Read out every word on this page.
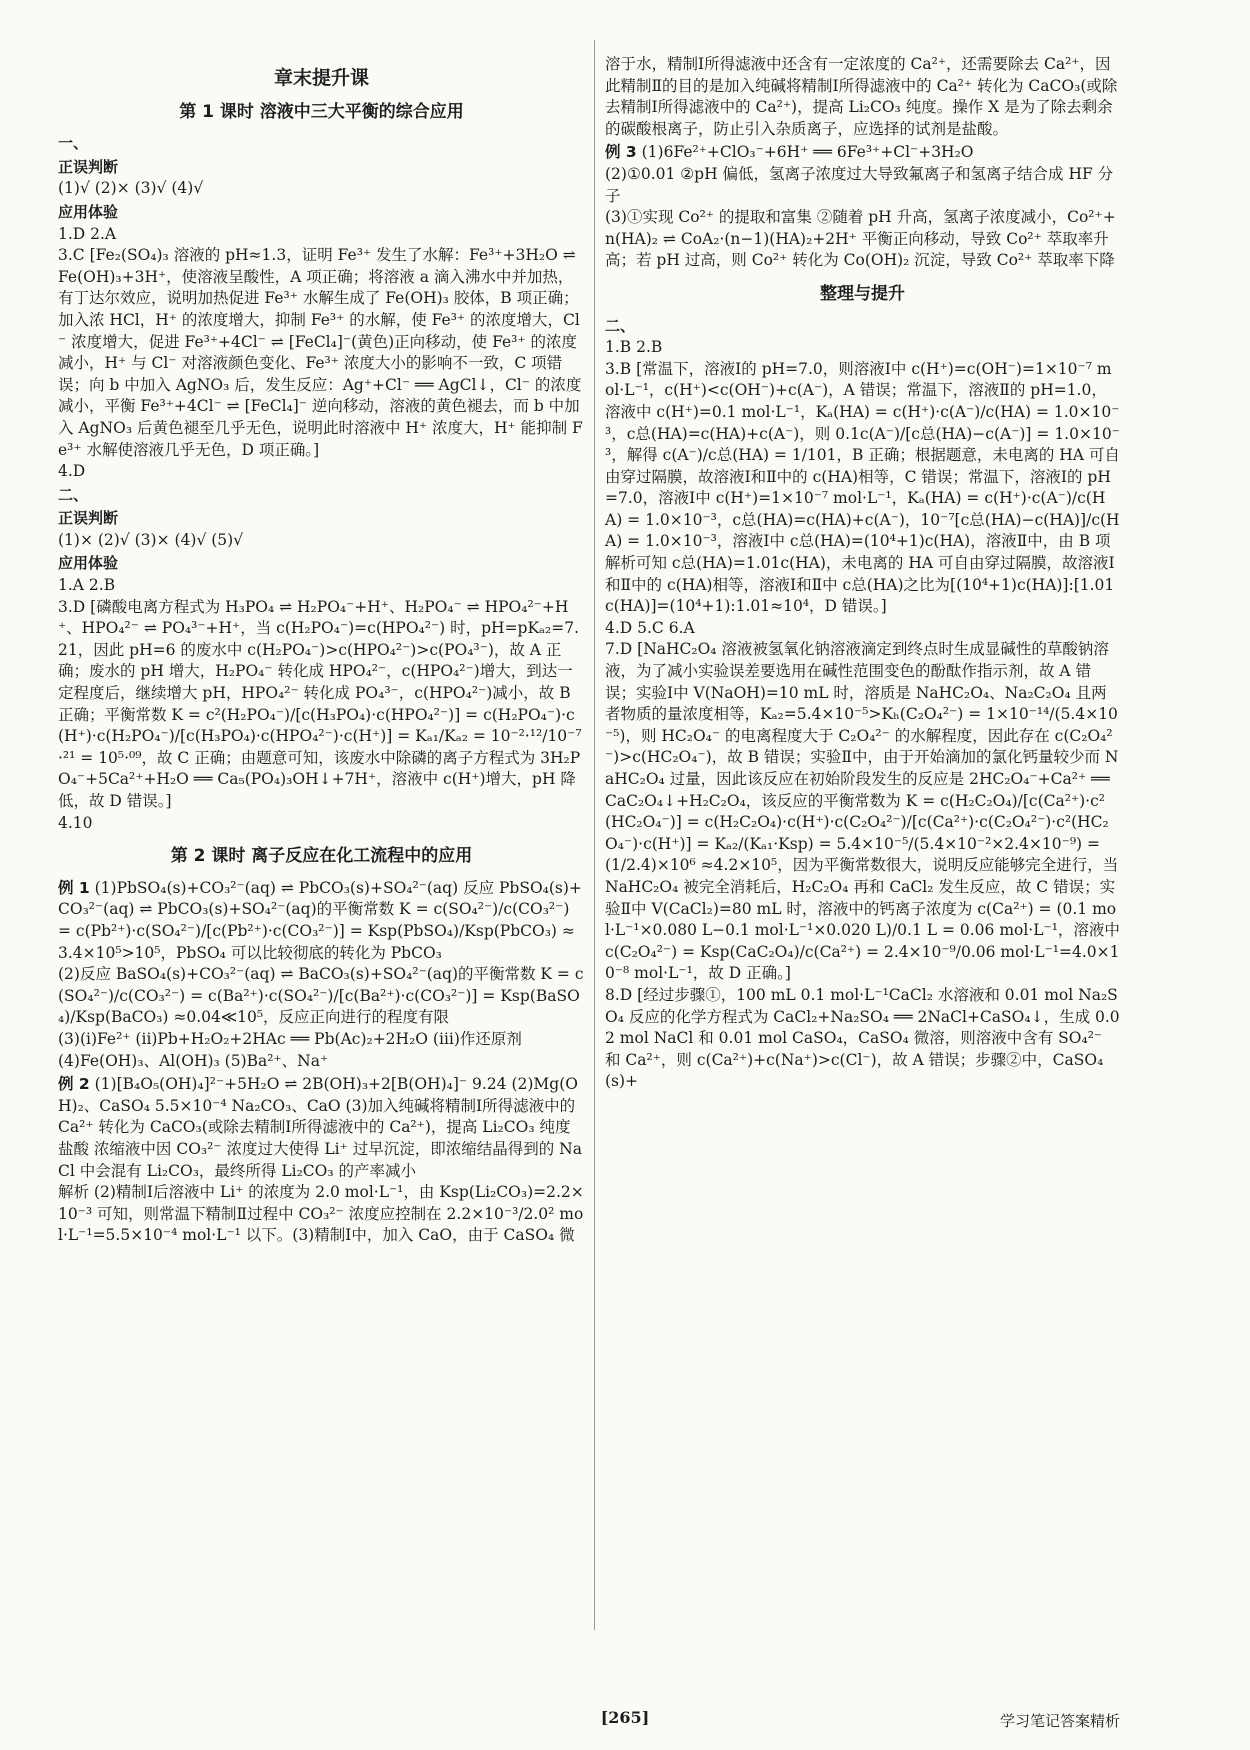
章末提升课
第 1 课时 溶液中三大平衡的综合应用
一、
正误判断
(1)√ (2)× (3)√ (4)√
应用体验
1.D 2.A
3.C [Fe₂(SO₄)₃ 溶液的 pH≈1.3，证明 Fe³⁺ 发生了水解：Fe³⁺+3H₂O ⇌ Fe(OH)₃+3H⁺，使溶液呈酸性，A 项正确；将溶液 a 滴入沸水中并加热，有丁达尔效应，说明加热促进 Fe³⁺ 水解生成了 Fe(OH)₃ 胶体，B 项正确；加入浓 HCl，H⁺ 的浓度增大，抑制 Fe³⁺ 的水解，使 Fe³⁺ 的浓度增大，Cl⁻ 浓度增大，促进 Fe³⁺+4Cl⁻ ⇌ [FeCl₄]⁻(黄色)正向移动，使 Fe³⁺ 的浓度减小，H⁺ 与 Cl⁻ 对溶液颜色变化、Fe³⁺ 浓度大小的影响不一致，C 项错误；向 b 中加入 AgNO₃ 后，发生反应：Ag⁺+Cl⁻ ══ AgCl↓，Cl⁻ 的浓度减小，平衡 Fe³⁺+4Cl⁻ ⇌ [FeCl₄]⁻ 逆向移动，溶液的黄色褪去，而 b 中加入 AgNO₃ 后黄色褪至几乎无色，说明此时溶液中 H⁺ 浓度大，H⁺ 能抑制 Fe³⁺ 水解使溶液几乎无色，D 项正确。]
4.D
二、
正误判断
(1)× (2)√ (3)× (4)√ (5)√
应用体验
1.A 2.B
3.D [磷酸电离方程式为 H₃PO₄ ⇌ H₂PO₄⁻+H⁺、H₂PO₄⁻ ⇌ HPO₄²⁻+H⁺、HPO₄²⁻ ⇌ PO₄³⁻+H⁺，当 c(H₂PO₄⁻)=c(HPO₄²⁻) 时，pH=pKₐ₂=7.21，因此 pH=6 的废水中 c(H₂PO₄⁻)>c(HPO₄²⁻)>c(PO₄³⁻)，故 A 正确；废水的 pH 增大，H₂PO₄⁻ 转化成 HPO₄²⁻，c(HPO₄²⁻)增大，到达一定程度后，继续增大 pH，HPO₄²⁻ 转化成 PO₄³⁻，c(HPO₄²⁻)减小，故 B 正确；平衡常数 K = c²(H₂PO₄⁻)/[c(H₃PO₄)·c(HPO₄²⁻)] = c(H₂PO₄⁻)·c(H⁺)·c(H₂PO₄⁻)/[c(H₃PO₄)·c(HPO₄²⁻)·c(H⁺)] = Kₐ₁/Kₐ₂ = 10⁻²·¹²/10⁻⁷·²¹ = 10⁵·⁰⁹，故 C 正确；由题意可知，该废水中除磷的离子方程式为 3H₂PO₄⁻+5Ca²⁺+H₂O ══ Ca₅(PO₄)₃OH↓+7H⁺，溶液中 c(H⁺)增大，pH 降低，故 D 错误。]
4.10
第 2 课时 离子反应在化工流程中的应用
例 1 (1)PbSO₄(s)+CO₃²⁻(aq) ⇌ PbCO₃(s)+SO₄²⁻(aq) 反应 PbSO₄(s)+CO₃²⁻(aq) ⇌ PbCO₃(s)+SO₄²⁻(aq)的平衡常数 K = c(SO₄²⁻)/c(CO₃²⁻) = c(Pb²⁺)·c(SO₄²⁻)/[c(Pb²⁺)·c(CO₃²⁻)] = Ksp(PbSO₄)/Ksp(PbCO₃) ≈3.4×10⁵>10⁵，PbSO₄ 可以比较彻底的转化为 PbCO₃
(2)反应 BaSO₄(s)+CO₃²⁻(aq) ⇌ BaCO₃(s)+SO₄²⁻(aq)的平衡常数 K = c(SO₄²⁻)/c(CO₃²⁻) = c(Ba²⁺)·c(SO₄²⁻)/[c(Ba²⁺)·c(CO₃²⁻)] = Ksp(BaSO₄)/Ksp(BaCO₃) ≈0.04≪10⁵，反应正向进行的程度有限
(3)(ⅰ)Fe²⁺ (ⅱ)Pb+H₂O₂+2HAc ══ Pb(Ac)₂+2H₂O (ⅲ)作还原剂
(4)Fe(OH)₃、Al(OH)₃ (5)Ba²⁺、Na⁺
例 2 (1)[B₄O₅(OH)₄]²⁻+5H₂O ⇌ 2B(OH)₃+2[B(OH)₄]⁻ 9.24 (2)Mg(OH)₂、CaSO₄ 5.5×10⁻⁴ Na₂CO₃、CaO (3)加入纯碱将精制Ⅰ所得滤液中的 Ca²⁺ 转化为 CaCO₃(或除去精制Ⅰ所得滤液中的 Ca²⁺)，提高 Li₂CO₃ 纯度 盐酸 浓缩液中因 CO₃²⁻ 浓度过大使得 Li⁺ 过早沉淀，即浓缩结晶得到的 NaCl 中会混有 Li₂CO₃，最终所得 Li₂CO₃ 的产率减小
解析 (2)精制Ⅰ后溶液中 Li⁺ 的浓度为 2.0 mol·L⁻¹，由 Ksp(Li₂CO₃)=2.2×10⁻³ 可知，则常温下精制Ⅱ过程中 CO₃²⁻ 浓度应控制在 2.2×10⁻³/2.0² mol·L⁻¹=5.5×10⁻⁴ mol·L⁻¹ 以下。(3)精制Ⅰ中，加入 CaO，由于 CaSO₄ 微
溶于水，精制Ⅰ所得滤液中还含有一定浓度的 Ca²⁺，还需要除去 Ca²⁺，因此精制Ⅱ的目的是加入纯碱将精制Ⅰ所得滤液中的 Ca²⁺ 转化为 CaCO₃(或除去精制Ⅰ所得滤液中的 Ca²⁺)，提高 Li₂CO₃ 纯度。操作 X 是为了除去剩余的碳酸根离子，防止引入杂质离子，应选择的试剂是盐酸。
例 3 (1)6Fe²⁺+ClO₃⁻+6H⁺ ══ 6Fe³⁺+Cl⁻+3H₂O
(2)①0.01 ②pH 偏低，氢离子浓度过大导致氟离子和氢离子结合成 HF 分子
(3)①实现 Co²⁺ 的提取和富集 ②随着 pH 升高，氢离子浓度减小，Co²⁺+n(HA)₂ ⇌ CoA₂·(n−1)(HA)₂+2H⁺ 平衡正向移动，导致 Co²⁺ 萃取率升高；若 pH 过高，则 Co²⁺ 转化为 Co(OH)₂ 沉淀，导致 Co²⁺ 萃取率下降
整理与提升
二、
1.B 2.B
3.B [常温下，溶液Ⅰ的 pH=7.0，则溶液Ⅰ中 c(H⁺)=c(OH⁻)=1×10⁻⁷ mol·L⁻¹，c(H⁺)<c(OH⁻)+c(A⁻)，A 错误；常温下，溶液Ⅱ的 pH=1.0，溶液中 c(H⁺)=0.1 mol·L⁻¹，Kₐ(HA) = c(H⁺)·c(A⁻)/c(HA) = 1.0×10⁻³，c总(HA)=c(HA)+c(A⁻)，则 0.1c(A⁻)/[c总(HA)−c(A⁻)] = 1.0×10⁻³，解得 c(A⁻)/c总(HA) = 1/101，B 正确；根据题意，未电离的 HA 可自由穿过隔膜，故溶液Ⅰ和Ⅱ中的 c(HA)相等，C 错误；常温下，溶液Ⅰ的 pH=7.0，溶液Ⅰ中 c(H⁺)=1×10⁻⁷ mol·L⁻¹，Kₐ(HA) = c(H⁺)·c(A⁻)/c(HA) = 1.0×10⁻³，c总(HA)=c(HA)+c(A⁻)，10⁻⁷[c总(HA)−c(HA)]/c(HA) = 1.0×10⁻³，溶液Ⅰ中 c总(HA)=(10⁴+1)c(HA)，溶液Ⅱ中，由 B 项解析可知 c总(HA)=1.01c(HA)，未电离的 HA 可自由穿过隔膜，故溶液Ⅰ和Ⅱ中的 c(HA)相等，溶液Ⅰ和Ⅱ中 c总(HA)之比为[(10⁴+1)c(HA)]:[1.01c(HA)]=(10⁴+1):1.01≈10⁴，D 错误。]
4.D 5.C 6.A
7.D [NaHC₂O₄ 溶液被氢氧化钠溶液滴定到终点时生成显碱性的草酸钠溶液，为了减小实验误差要选用在碱性范围变色的酚酞作指示剂，故 A 错误；实验Ⅰ中 V(NaOH)=10 mL 时，溶质是 NaHC₂O₄、Na₂C₂O₄ 且两者物质的量浓度相等，Kₐ₂=5.4×10⁻⁵>Kₕ(C₂O₄²⁻) = 1×10⁻¹⁴/(5.4×10⁻⁵)，则 HC₂O₄⁻ 的电离程度大于 C₂O₄²⁻ 的水解程度，因此存在 c(C₂O₄²⁻)>c(HC₂O₄⁻)，故 B 错误；实验Ⅱ中，由于开始滴加的氯化钙量较少而 NaHC₂O₄ 过量，因此该反应在初始阶段发生的反应是 2HC₂O₄⁻+Ca²⁺ ══ CaC₂O₄↓+H₂C₂O₄，该反应的平衡常数为 K = c(H₂C₂O₄)/[c(Ca²⁺)·c²(HC₂O₄⁻)] = c(H₂C₂O₄)·c(H⁺)·c(C₂O₄²⁻)/[c(Ca²⁺)·c(C₂O₄²⁻)·c²(HC₂O₄⁻)·c(H⁺)] = Kₐ₂/(Kₐ₁·Ksp) = 5.4×10⁻⁵/(5.4×10⁻²×2.4×10⁻⁹) = (1/2.4)×10⁶ ≈4.2×10⁵，因为平衡常数很大，说明反应能够完全进行，当 NaHC₂O₄ 被完全消耗后，H₂C₂O₄ 再和 CaCl₂ 发生反应，故 C 错误；实验Ⅱ中 V(CaCl₂)=80 mL 时，溶液中的钙离子浓度为 c(Ca²⁺) = (0.1 mol·L⁻¹×0.080 L−0.1 mol·L⁻¹×0.020 L)/0.1 L = 0.06 mol·L⁻¹，溶液中 c(C₂O₄²⁻) = Ksp(CaC₂O₄)/c(Ca²⁺) = 2.4×10⁻⁹/0.06 mol·L⁻¹=4.0×10⁻⁸ mol·L⁻¹，故 D 正确。]
8.D [经过步骤①，100 mL 0.1 mol·L⁻¹CaCl₂ 水溶液和 0.01 mol Na₂SO₄ 反应的化学方程式为 CaCl₂+Na₂SO₄ ══ 2NaCl+CaSO₄↓，生成 0.02 mol NaCl 和 0.01 mol CaSO₄，CaSO₄ 微溶，则溶液中含有 SO₄²⁻ 和 Ca²⁺，则 c(Ca²⁺)+c(Na⁺)>c(Cl⁻)，故 A 错误；步骤②中，CaSO₄(s)+
[265]	学习笔记答案精析
